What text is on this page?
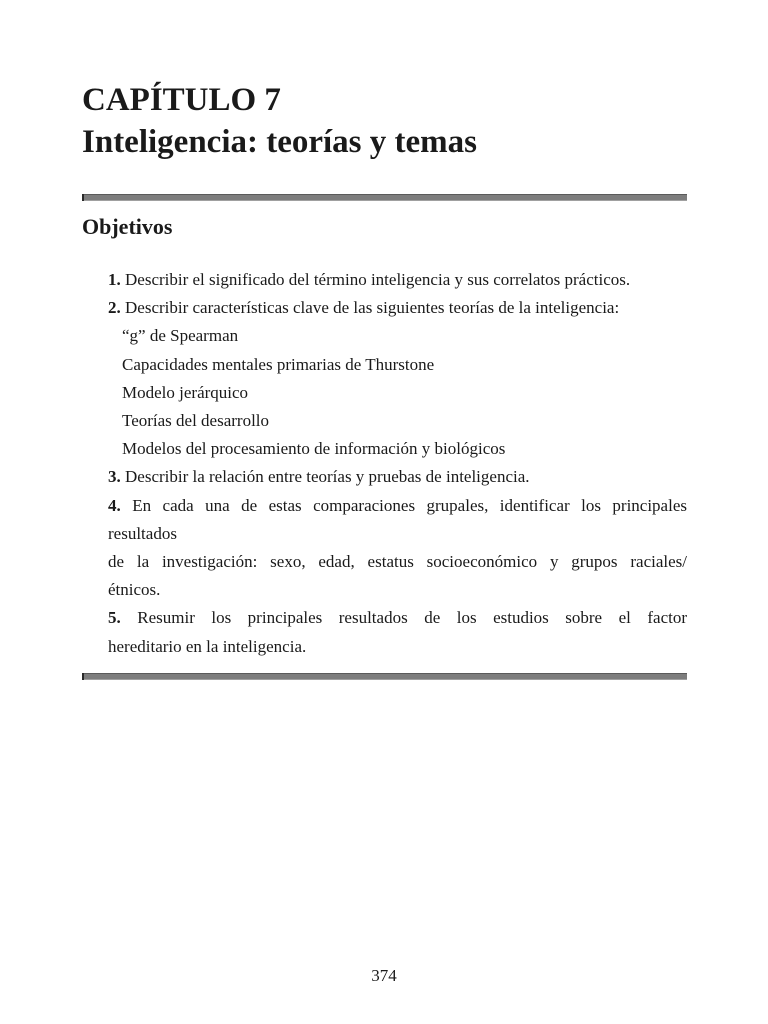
CAPÍTULO 7
Inteligencia: teorías y temas
Objetivos
1. Describir el significado del término inteligencia y sus correlatos prácticos.
2. Describir características clave de las siguientes teorías de la inteligencia:
“g” de Spearman
Capacidades mentales primarias de Thurstone
Modelo jerárquico
Teorías del desarrollo
Modelos del procesamiento de información y biológicos
3. Describir la relación entre teorías y pruebas de inteligencia.
4. En cada una de estas comparaciones grupales, identificar los principales
resultados
de la investigación: sexo, edad, estatus socioeconómico y grupos raciales/
étnicos.
5. Resumir los principales resultados de los estudios sobre el factor
hereditario en la inteligencia.
374
